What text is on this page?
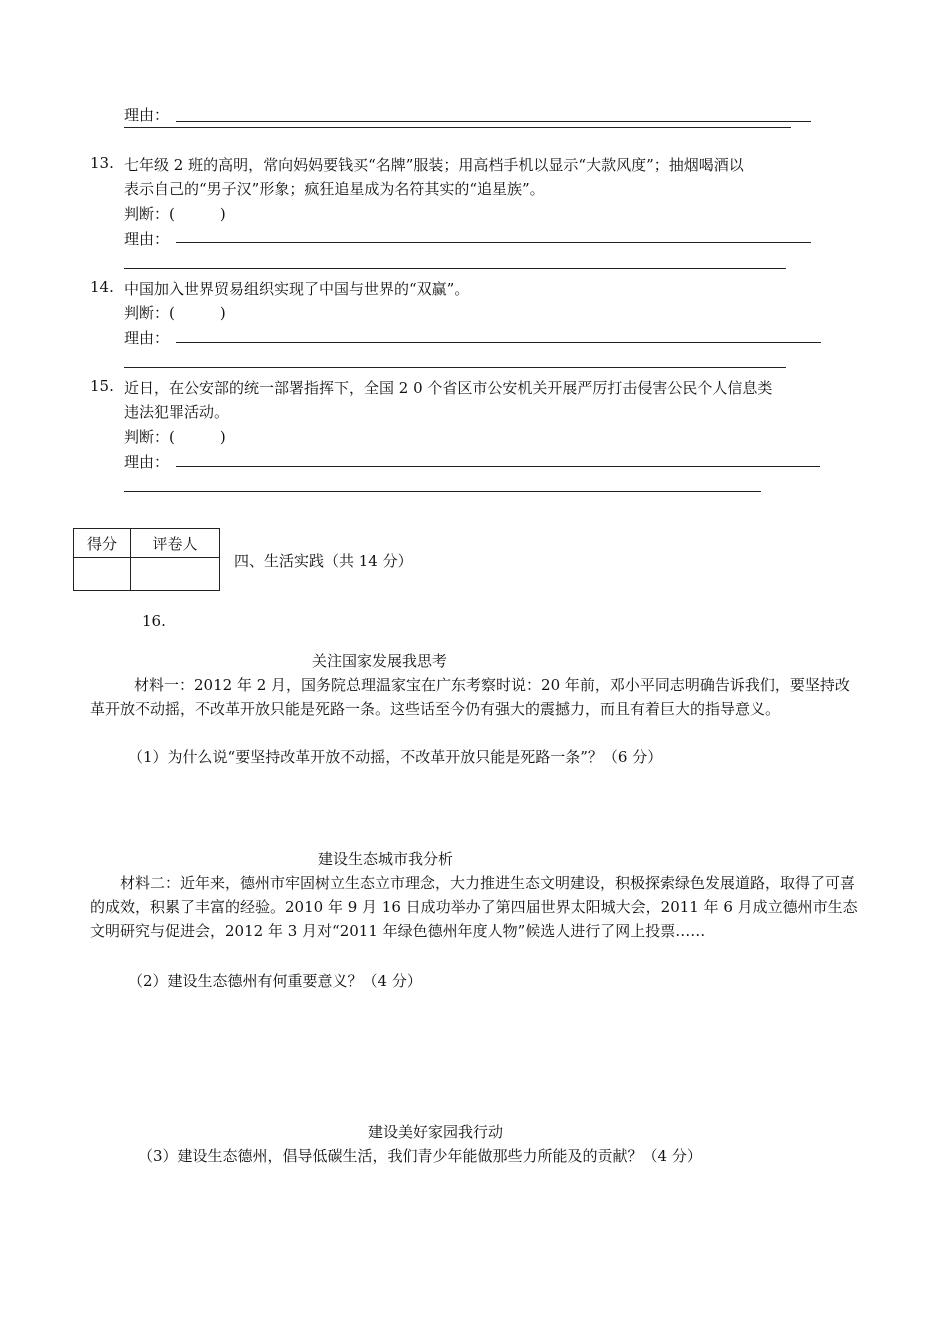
理由：
13. 七年级 2 班的高明，常向妈妈要钱买“名牌”服装；用高档手机以显示“大款风度”；抽烟喝酒以
表示自己的“男子汉”形象；疯狂追星成为名符其实的“追星族”。
判断：(　　　)
理由：
14. 中国加入世界贸易组织实现了中国与世界的“双赢”。
判断：(　　　)
理由：
15. 近日，在公安部的统一部署指挥下，全国 2 0 个省区市公安机关开展严厉打击侵害公民个人信息类
违法犯罪活动。
判断：(　　　)
理由：
得分	评卷人

四、生活实践（共 14 分）
16.
关注国家发展我思考
材料一：2012 年 2 月，国务院总理温家宝在广东考察时说：20 年前，邓小平同志明确告诉我们，要坚持改革开放不动摇，不改革开放只能是死路一条。这些话至今仍有强大的震撼力，而且有着巨大的指导意义。
（1）为什么说“要坚持改革开放不动摇，不改革开放只能是死路一条”？（6 分）
建设生态城市我分析
材料二：近年来，德州市牢固树立生态立市理念，大力推进生态文明建设，积极探索绿色发展道路，取得了可喜的成效，积累了丰富的经验。2010 年 9 月 16 日成功举办了第四届世界太阳城大会，2011 年 6 月成立德州市生态文明研究与促进会，2012 年 3 月对“2011 年绿色德州年度人物”候选人进行了网上投票……
（2）建设生态德州有何重要意义？（4 分）
建设美好家园我行动
（3）建设生态德州，倡导低碳生活，我们青少年能做那些力所能及的贡献？（4 分）
